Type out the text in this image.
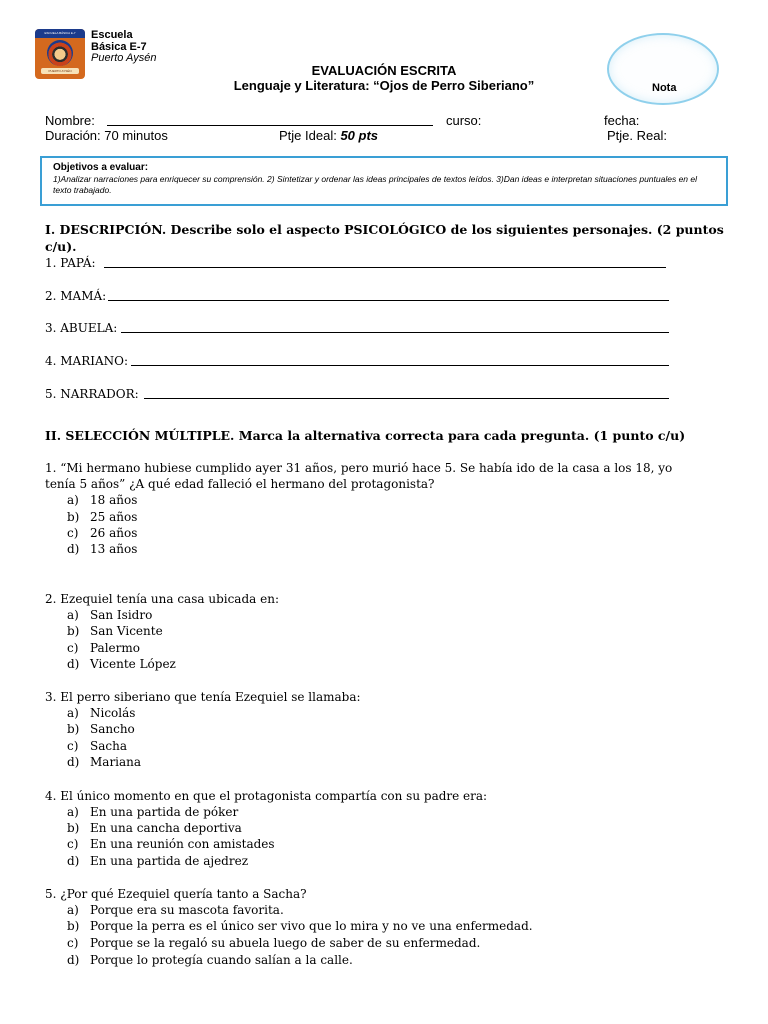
ESCUELA BÁSICA E-7
PUERTO AYSÉN
Escuela
Básica E-7
Puerto Aysén
Nota
EVALUACIÓN ESCRITA
Lenguaje y Literatura: “Ojos de Perro Siberiano”
Nombre:	curso:	fecha:
Duración: 70 minutos	Ptje Ideal: 50 pts	Ptje. Real:
Objetivos a evaluar:
1)Analizar narraciones para enriquecer su comprensión. 2) Sintetizar y ordenar las ideas principales de textos leídos. 3)Dan ideas e interpretan situaciones puntuales en el texto trabajado.
I. DESCRIPCIÓN. Describe solo el aspecto PSICOLÓGICO de los siguientes personajes. (2 puntos
c/u).
1. PAPÁ:
2. MAMÁ:
3. ABUELA:
4. MARIANO:
5. NARRADOR:
II. SELECCIÓN MÚLTIPLE. Marca la alternativa correcta para cada pregunta. (1 punto c/u)
1. “Mi hermano hubiese cumplido ayer 31 años, pero murió hace 5. Se había ido de la casa a los 18, yo
tenía 5 años” ¿A qué edad falleció el hermano del protagonista?
a) 18 años
b) 25 años
c) 26 años
d) 13 años
2. Ezequiel tenía una casa ubicada en:
a) San Isidro
b) San Vicente
c) Palermo
d) Vicente López
3. El perro siberiano que tenía Ezequiel se llamaba:
a) Nicolás
b) Sancho
c) Sacha
d) Mariana
4. El único momento en que el protagonista compartía con su padre era:
a) En una partida de póker
b) En una cancha deportiva
c) En una reunión con amistades
d) En una partida de ajedrez
5. ¿Por qué Ezequiel quería tanto a Sacha?
a) Porque era su mascota favorita.
b) Porque la perra es el único ser vivo que lo mira y no ve una enfermedad.
c) Porque se la regaló su abuela luego de saber de su enfermedad.
d) Porque lo protegía cuando salían a la calle.
